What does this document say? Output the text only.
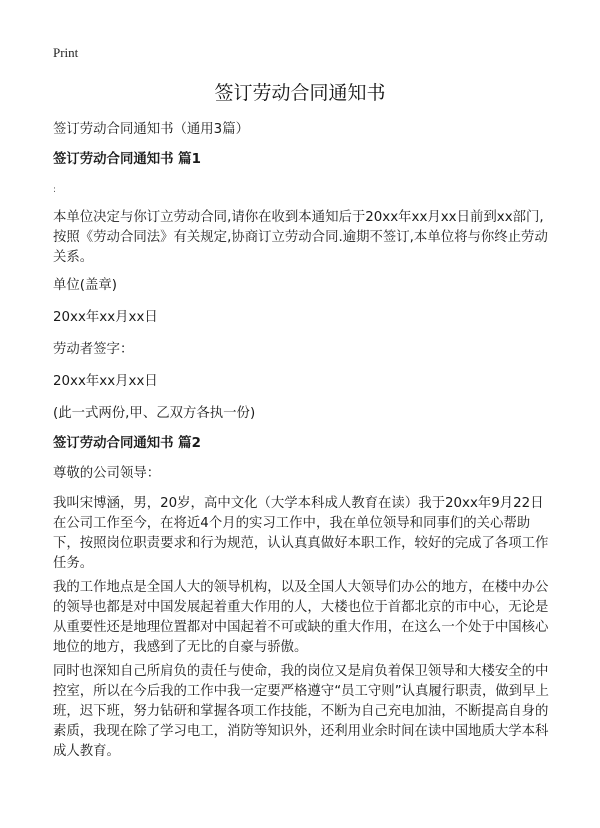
Print
签订劳动合同通知书
签订劳动合同通知书（通用3篇）
签订劳动合同通知书 篇1
:
本单位决定与你订立劳动合同,请你在收到本通知后于20xx年xx月xx日前到xx部门,按照《劳动合同法》有关规定,协商订立劳动合同.逾期不签订,本单位将与你终止劳动关系。
单位(盖章)
20xx年xx月xx日
劳动者签字：
20xx年xx月xx日
(此一式两份,甲、乙双方各执一份)
签订劳动合同通知书 篇2
尊敬的公司领导：
我叫宋博涵，男，20岁，高中文化（大学本科成人教育在读）我于20xx年9月22日在公司工作至今，在将近4个月的实习工作中，我在单位领导和同事们的关心帮助下，按照岗位职责要求和行为规范，认认真真做好本职工作，较好的完成了各项工作任务。
我的工作地点是全国人大的领导机构，以及全国人大领导们办公的地方，在楼中办公的领导也都是对中国发展起着重大作用的人，大楼也位于首都北京的市中心，无论是从重要性还是地理位置都对中国起着不可或缺的重大作用，在这么一个处于中国核心地位的地方，我感到了无比的自豪与骄傲。
同时也深知自己所肩负的责任与使命，我的岗位又是肩负着保卫领导和大楼安全的中控室，所以在今后我的工作中我一定要严格遵守“员工守则”认真履行职责，做到早上班，迟下班，努力钻研和掌握各项工作技能，不断为自己充电加油，不断提高自身的素质，我现在除了学习电工，消防等知识外，还利用业余时间在读中国地质大学本科成人教育。
